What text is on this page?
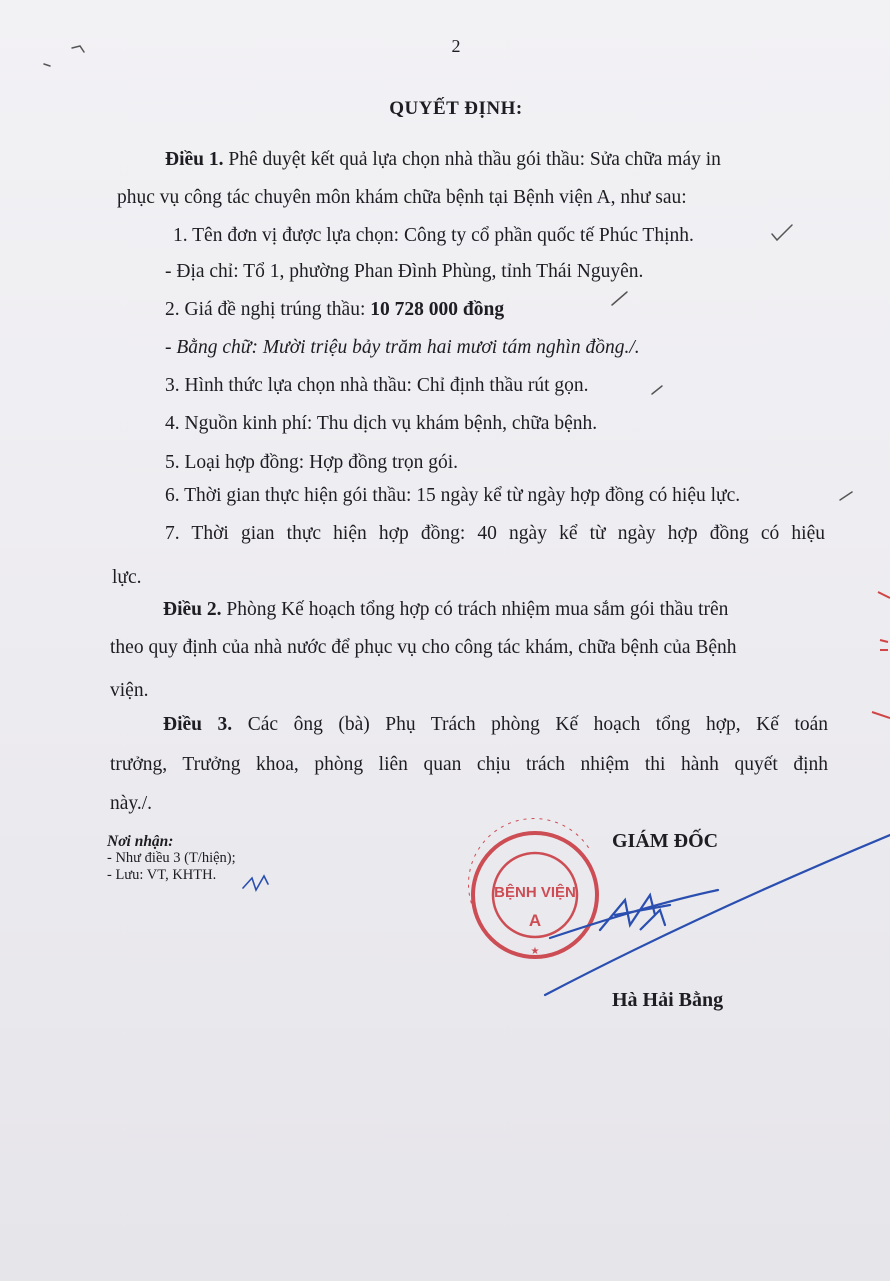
2
QUYẾT ĐỊNH:
Điều 1. Phê duyệt kết quả lựa chọn nhà thầu gói thầu: Sửa chữa máy in
phục vụ công tác chuyên môn khám chữa bệnh tại Bệnh viện A, như sau:
1. Tên đơn vị được lựa chọn: Công ty cổ phần quốc tế Phúc Thịnh.
- Địa chỉ: Tổ 1, phường Phan Đình Phùng, tỉnh Thái Nguyên.
2. Giá đề nghị trúng thầu: 10 728 000 đồng
- Bằng chữ: Mười triệu bảy trăm hai mươi tám nghìn đồng./.
3. Hình thức lựa chọn nhà thầu: Chỉ định thầu rút gọn.
4. Nguồn kinh phí: Thu dịch vụ khám bệnh, chữa bệnh.
5. Loại hợp đồng: Hợp đồng trọn gói.
6. Thời gian thực hiện gói thầu: 15 ngày kể từ ngày hợp đồng có hiệu lực.
7. Thời gian thực hiện hợp đồng: 40 ngày kể từ ngày hợp đồng có hiệu
lực.
Điều 2. Phòng Kế hoạch tổng hợp có trách nhiệm mua sắm gói thầu trên
theo quy định của nhà nước để phục vụ cho công tác khám, chữa bệnh của Bệnh
viện.
Điều 3. Các ông (bà) Phụ Trách phòng Kế hoạch tổng hợp, Kế toán
trưởng, Trưởng khoa, phòng liên quan chịu trách nhiệm thi hành quyết định
này./.
Nơi nhận:
- Như điều 3 (T/hiện);
- Lưu: VT, KHTH.
GIÁM ĐỐC
Hà Hải Bằng
BỆNH VIỆN
A
★
